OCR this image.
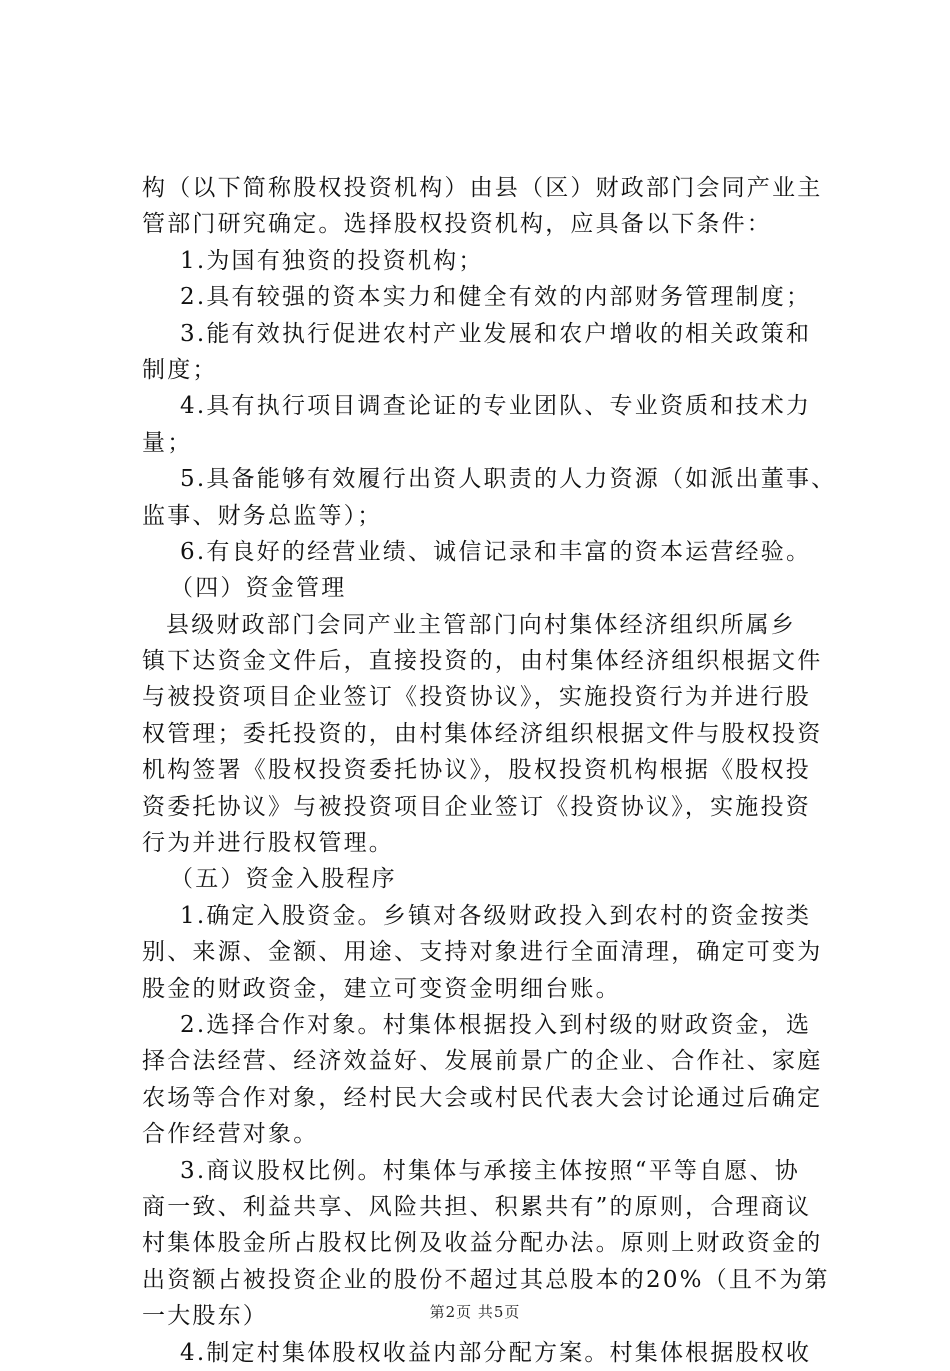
构（以下简称股权投资机构）由县（区）财政部门会同产业主
管部门研究确定。选择股权投资机构，应具备以下条件：
1.为国有独资的投资机构；
2.具有较强的资本实力和健全有效的内部财务管理制度；
3.能有效执行促进农村产业发展和农户增收的相关政策和
制度；
4.具有执行项目调查论证的专业团队、专业资质和技术力
量；
5.具备能够有效履行出资人职责的人力资源（如派出董事、
监事、财务总监等）；
6.有良好的经营业绩、诚信记录和丰富的资本运营经验。
（四）资金管理
县级财政部门会同产业主管部门向村集体经济组织所属乡
镇下达资金文件后，直接投资的，由村集体经济组织根据文件
与被投资项目企业签订《投资协议》，实施投资行为并进行股
权管理；委托投资的，由村集体经济组织根据文件与股权投资
机构签署《股权投资委托协议》，股权投资机构根据《股权投
资委托协议》与被投资项目企业签订《投资协议》，实施投资
行为并进行股权管理。
（五）资金入股程序
1.确定入股资金。乡镇对各级财政投入到农村的资金按类
别、来源、金额、用途、支持对象进行全面清理，确定可变为
股金的财政资金，建立可变资金明细台账。
2.选择合作对象。村集体根据投入到村级的财政资金，选
择合法经营、经济效益好、发展前景广的企业、合作社、家庭
农场等合作对象，经村民大会或村民代表大会讨论通过后确定
合作经营对象。
3.商议股权比例。村集体与承接主体按照“平等自愿、协
商一致、利益共享、风险共担、积累共有”的原则，合理商议
村集体股金所占股权比例及收益分配办法。原则上财政资金的
出资额占被投资企业的股份不超过其总股本的20%（且不为第
一大股东）
4.制定村集体股权收益内部分配方案。村集体根据股权收
第2页 共5页
